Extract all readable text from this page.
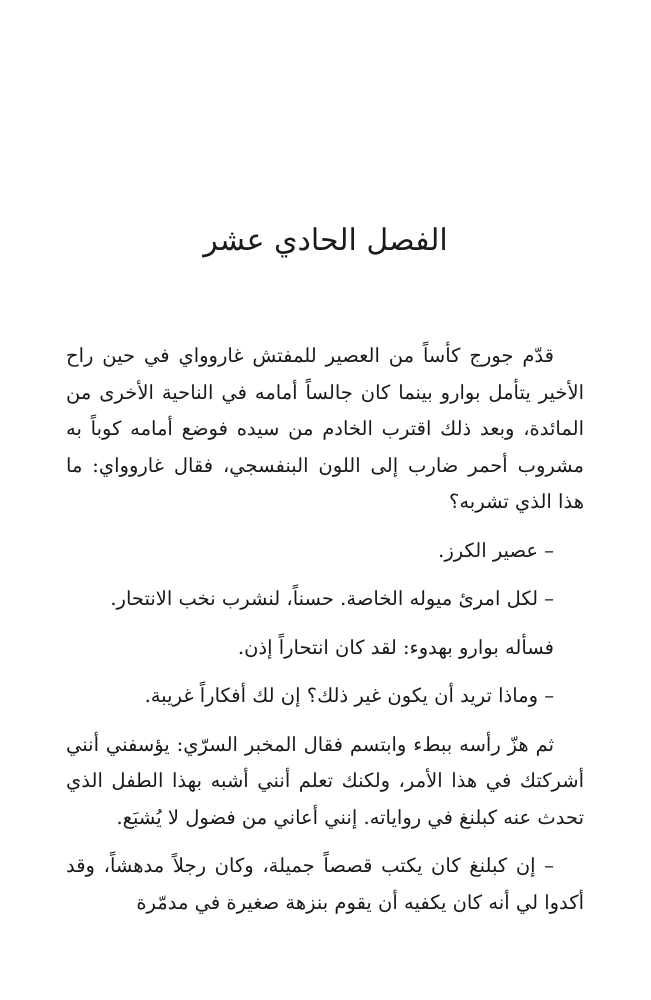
الفصل الحادي عشر

قدّم جورج كأساً من العصير للمفتش غاروواي في حين راح الأخير يتأمل بوارو بينما كان جالساً أمامه في الناحية الأخرى من المائدة، وبعد ذلك اقترب الخادم من سيده فوضع أمامه كوباً به مشروب أحمر ضارب إلى اللون البنفسجي، فقال غاروواي: ما هذا الذي تشربه؟

– عصير الكرز.

– لكل امرئ ميوله الخاصة. حسناً، لنشرب نخب الانتحار.

فسأله بوارو بهدوء: لقد كان انتحاراً إذن.

– وماذا تريد أن يكون غير ذلك؟ إن لك أفكاراً غريبة.

ثم هزّ رأسه ببطء وابتسم فقال المخبر السرّي: يؤسفني أنني أشركتك في هذا الأمر، ولكنك تعلم أنني أشبه بهذا الطفل الذي تحدث عنه كبلنغ في رواياته. إنني أعاني من فضول لا يُشبَع.

– إن كبلنغ كان يكتب قصصاً جميلة، وكان رجلاً مدهشاً، وقد أكدوا لي أنه كان يكفيه أن يقوم بنزهة صغيرة في مدمّرة
